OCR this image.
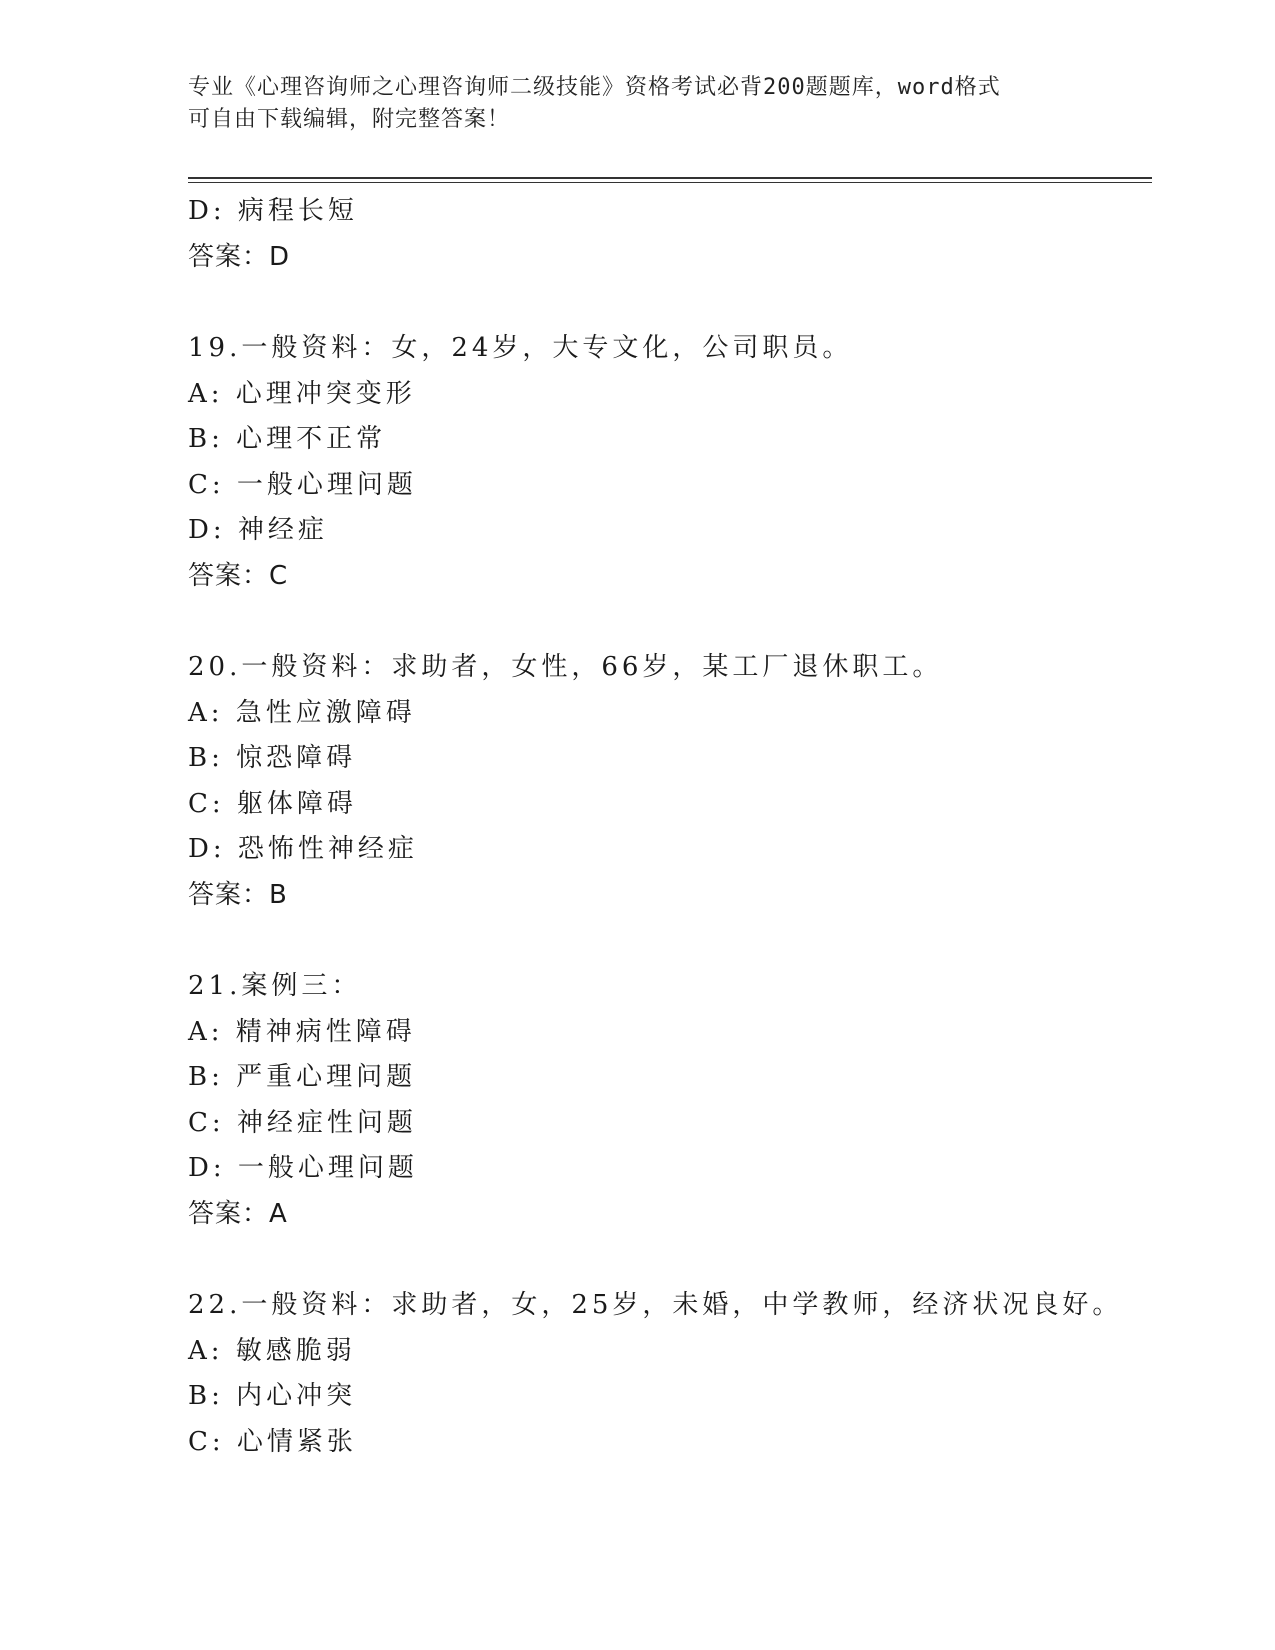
专业《心理咨询师之心理咨询师二级技能》资格考试必背200题题库，word格式
可自由下载编辑，附完整答案！
D: 病程长短
答案：D
19.一般资料：女，24岁，大专文化，公司职员。
A: 心理冲突变形
B: 心理不正常
C: 一般心理问题
D: 神经症
答案：C
20.一般资料：求助者，女性，66岁，某工厂退休职工。
A: 急性应激障碍
B: 惊恐障碍
C: 躯体障碍
D: 恐怖性神经症
答案：B
21.案例三：
A: 精神病性障碍
B: 严重心理问题
C: 神经症性问题
D: 一般心理问题
答案：A
22.一般资料：求助者，女，25岁，未婚，中学教师，经济状况良好。
A: 敏感脆弱
B: 内心冲突
C: 心情紧张
